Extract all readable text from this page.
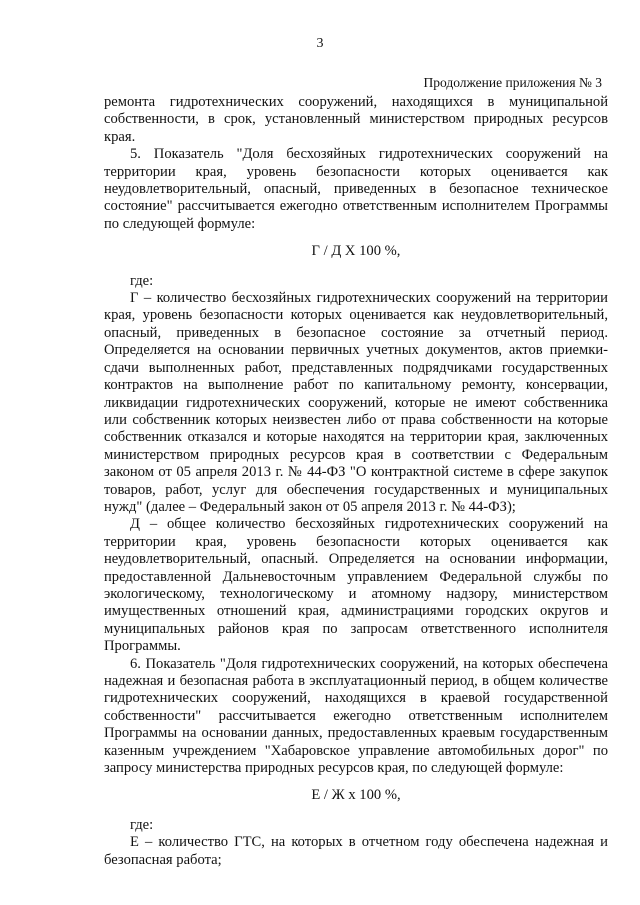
3
Продолжение приложения № 3

ремонта гидротехнических сооружений, находящихся в муниципальной собственности, в срок, установленный министерством природных ресурсов края.

5. Показатель "Доля бесхозяйных гидротехнических сооружений на территории края, уровень безопасности которых оценивается как неудовлетворительный, опасный, приведенных в безопасное техническое состояние" рассчитывается ежегодно ответственным исполнителем Программы по следующей формуле:

Г / Д Х 100 %,

где:

Г – количество бесхозяйных гидротехнических сооружений на территории края, уровень безопасности которых оценивается как неудовлетворительный, опасный, приведенных в безопасное состояние за отчетный период. Определяется на основании первичных учетных документов, актов приемки-сдачи выполненных работ, представленных подрядчиками государственных контрактов на выполнение работ по капитальному ремонту, консервации, ликвидации гидротехнических сооружений, которые не имеют собственника или собственник которых неизвестен либо от права собственности на которые собственник отказался и которые находятся на территории края, заключенных министерством природных ресурсов края в соответствии с Федеральным законом от 05 апреля 2013 г. № 44-ФЗ "О контрактной системе в сфере закупок товаров, работ, услуг для обеспечения государственных и муниципальных нужд" (далее – Федеральный закон от 05 апреля 2013 г. № 44-ФЗ);

Д – общее количество бесхозяйных гидротехнических сооружений на территории края, уровень безопасности которых оценивается как неудовлетворительный, опасный. Определяется на основании информации, предоставленной Дальневосточным управлением Федеральной службы по экологическому, технологическому и атомному надзору, министерством имущественных отношений края, администрациями городских округов и муниципальных районов края по запросам ответственного исполнителя Программы.

6. Показатель "Доля гидротехнических сооружений, на которых обеспечена надежная и безопасная работа в эксплуатационный период, в общем количестве гидротехнических сооружений, находящихся в краевой государственной собственности" рассчитывается ежегодно ответственным исполнителем Программы на основании данных, предоставленных краевым государственным казенным учреждением "Хабаровское управление автомобильных дорог" по запросу министерства природных ресурсов края, по следующей формуле:

Е / Ж х 100 %,

где:

Е – количество ГТС, на которых в отчетном году обеспечена надежная и безопасная работа;
